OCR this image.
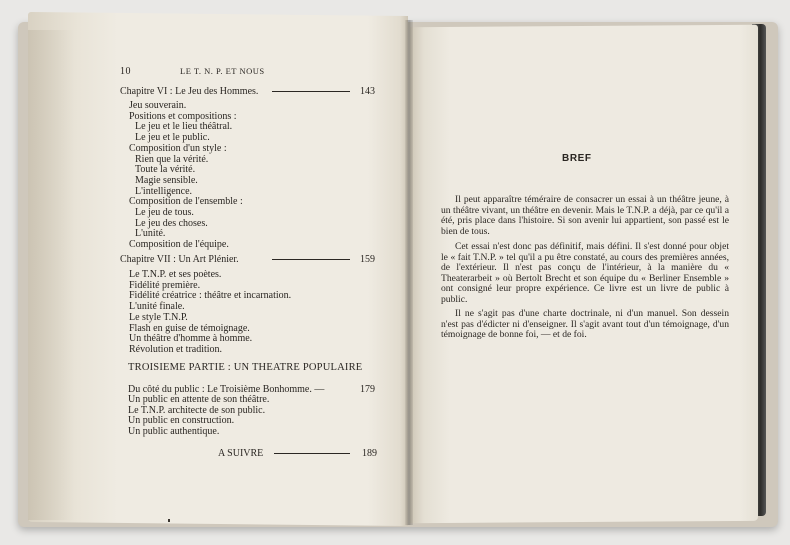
10	LE T. N. P. ET NOUS
Chapitre VI : Le Jeu des Hommes.	143
Jeu souverain.
Positions et compositions :
Le jeu et le lieu théâtral.
Le jeu et le public.
Composition d'un style :
Rien que la vérité.
Toute la vérité.
Magie sensible.
L'intelligence.
Composition de l'ensemble :
Le jeu de tous.
Le jeu des choses.
L'unité.
Composition de l'équipe.
Chapitre VII : Un Art Plénier.	159
Le T.N.P. et ses poètes.
Fidélité première.
Fidélité créatrice : théâtre et incarnation.
L'unité finale.
Le style T.N.P.
Flash en guise de témoignage.
Un théâtre d'homme à homme.
Révolution et tradition.
TROISIEME PARTIE : UN THEATRE POPULAIRE
Du côté du public : Le Troisième Bonhomme. —	179
Un public en attente de son théâtre.
Le T.N.P. architecte de son public.
Un public en construction.
Un public authentique.
A SUIVRE	189
BREF
Il peut apparaître téméraire de consacrer un essai à un théâtre jeune, à un théâtre vivant, un théâtre en devenir. Mais le T.N.P. a déjà, par ce qu'il a été, pris place dans l'histoire. Si son avenir lui appartient, son passé est le bien de tous.
Cet essai n'est donc pas définitif, mais défini. Il s'est donné pour objet le « fait T.N.P. » tel qu'il a pu être constaté, au cours des premières années, de l'extérieur. Il n'est pas conçu de l'intérieur, à la manière du « Theaterarbeit » où Bertolt Brecht et son équipe du « Berliner Ensemble » ont consigné leur propre expérience. Ce livre est un livre de public à public.
Il ne s'agit pas d'une charte doctrinale, ni d'un manuel. Son dessein n'est pas d'édicter ni d'enseigner. Il s'agit avant tout d'un témoignage, d'un témoignage de bonne foi, — et de foi.
